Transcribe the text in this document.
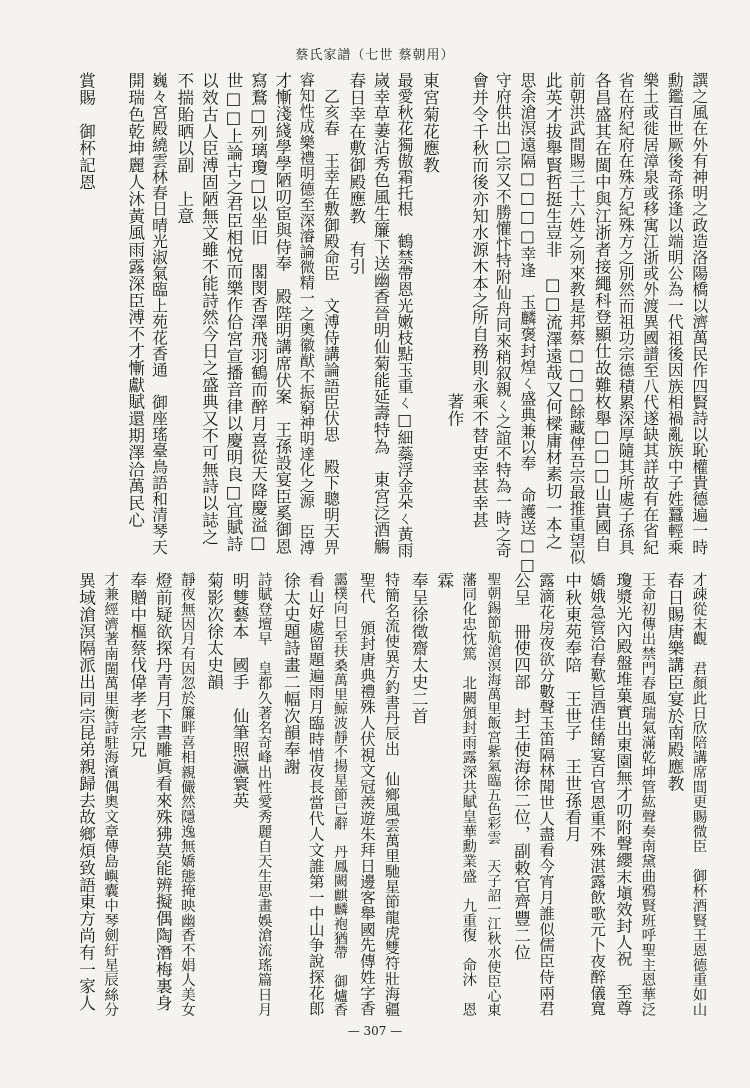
蔡氏家譜（七世 蔡朝用）
譔之風在外有神明之政造洛陽橋以濟萬民作四賢詩以恥權貴德遍一時
勳鑑百世厥後奇孫逢以端明公為一代祖後因族相禍亂族中子姓蠶輕乘
樂土或徙居漳泉或移寓江浙或外渡異國譜至八代遂缺其詳故有在省紀
省在府紀府在殊方紀殊方之別然而祖功宗德積累深厚隨其所處子孫具
各昌盛其在閩中與江浙者接繩科登顯仕故難枚舉□□□山貴國自
前朝洪武間賜三十六姓之列來教是邦蔡□□□餘藏俾吾宗最推重望似
此英才拔舉賢哲挺生豈非　□□流澤遠哉又何樑庸材素切一本之
思余滄溟遠隔□□□□幸逢　玉麟褒封煌ㄑ盛典兼以奉　命護送□□
守府供出□宗又不勝懽忭特附仙舟同來稍叙親ㄑ之誼不特為一時之奇
會并令千秋而後亦知水源木本之所自務則永乘不替吏幸甚幸甚
　　　　　　　　　　　　　　　　　　　著作
東宮菊花應教
最愛秋花獨傲霜托根　鶴禁帶恩光嫩枝點玉重ㄑ□細蘂浮金朵ㄑ黃雨
嵗幸草萋沾秀色風生簾下送幽香晉明仙菊能延壽特為　東宮泛酒觴
春日幸在敷御殿應教　有引
　乙亥春　王幸在敷御殿命臣　文溥侍講論語臣伏思　殿下聰明天畀
睿知性成樂禮明德至深濬論微精一之奧徽猷不振窮神明達化之源　臣溥
才慚淺綫學學陋叨宦與侍奉　殿陛明講席伏案　王孫設宴臣奚御恩
寫鶩□列璃瓊□以坐旧　閣閔香澤飛羽鶴而醉月喜從天降慶溢□
世□□上論古之君臣相悅而樂作佮宮宣播音律以慶明良□宜賦詩
以效古人臣溥固陋無文雖不能詩然今日之盛典又不可無詩以誌之
不揣貽晒以副　上意
巍々宮殿繞雲林春日晴光淑氣臨上苑花香通　御座瑤臺鳥語和清琴天
開瑞色乾坤麗人沐黃風雨露深臣溥不才慚獻賦還期澤洽萬民心

賞賜　御杯記恩
才疎從末觀　君顏此日欣陪講席間更賜微臣　御杯酒賢王恩德重如山
春日賜唐樂講臣宴於南殿應教
王命初傳出禁門春風瑞氣滿乾坤管紘聲奏南黛曲鴉賢班呼聖主恩華泛
瓊漿光內殿盤堆菓實出東園無才叨附聲纓末塡效封人祝　至尊
嬌娥急管洽春歎旨酒佳餚宴百官恩重不殊湛露飲歌元卜夜醉儀寬
中秋東苑奉陪　王世子　王世孫看月
露滴花房夜欲分數聲玉笛隔林聞世人盡看今宵月誰似儒臣侍兩君
公呈　冊使四部　封王使海徐二位，副敕官齊豐二位
聖朝錫節航滄溟海萬里飯宮紫氣臨五色彩雲　天子詔一江秋水使臣心東
藩同化忠忱篤　北闕頒封雨露深共賦皇華勳業盛　九重復　命沐　恩
霖
奉呈徐徵齋太史二首
特簡名流使異方釣書丹辰出　仙鄉風雲萬里馳星節龍虎雙符壯海疆
聖代　頒封唐典禮殊人伏視文冠羨遊朱拜日邊客舉國先傳姓字香
靄樸向日至扶桑萬里鯨波靜不揚星節已辭　丹鳳闕麒麟袍猶帶　御爐香
看山好處留題遍雨月臨時惜夜長當代人文誰第一中山争說探花郎
徐太史題詩畫二幅次韻奉謝
詩賦登壇早　皇都久著名奇峰出性愛秀麗自天生思畫娛滄流瑤篇日月
明雙藝本　國手　仙筆照瀛寰英
菊影次徐太史韻
靜夜無因月有因忽於簾畔喜相親儼然隱逸無嬌態掩映幽香不娟人美女
燈前疑欲探丹青月下書雕眞看來殊狒莫能辨擬偶陶潛梅裏身
奉贈中樞蔡伐偉孝老宗兄
才兼經濟著南閩萬里衡詩駐海濱偶奧文章傳島嶼囊中琴劍紆星辰絲分
異域滄溟隔派出同宗昆弟親歸去故鄉煩致語東方尚有一家人
— 307 —
